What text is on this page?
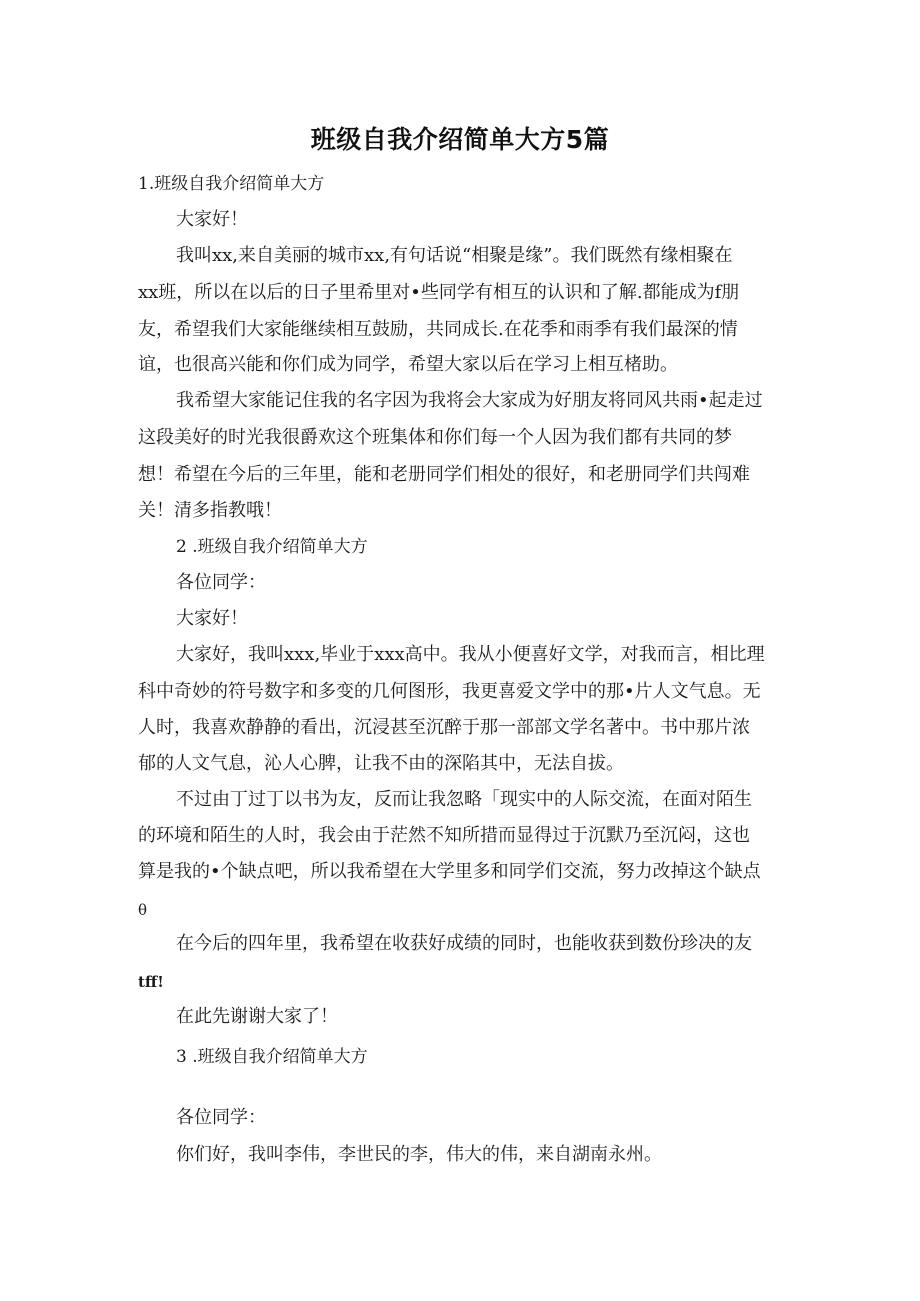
班级自我介绍简单大方5篇
1.班级自我介绍简单大方
大家好！
我叫xx,来自美丽的城市xx,有句话说“相聚是缘”。我们既然有缘相聚在
xx班，所以在以后的日子里希里对•些同学有相互的认识和了解.都能成为f朋
友，希望我们大家能继续相互鼓励，共同成长.在花季和雨季有我们最深的情
谊，也很高兴能和你们成为同学，希望大家以后在学习上相互楮助。
我希望大家能记住我的名字因为我将会大家成为好朋友将同风共雨•起走过
这段美好的时光我很爵欢这个班集体和你们每一个人因为我们都有共同的梦
想！希望在今后的三年里，能和老册同学们相处的很好，和老册同学们共闯难
关！清多指教哦！
2 .班级自我介绍简单大方
各位同学：
大家好！
大家好，我叫xxx,毕业于xxx高中。我从小便喜好文学，对我而言，相比理
科中奇妙的符号数字和多变的几何图形，我更喜爱文学中的那•片人文气息。无
人时，我喜欢静静的看出，沉浸甚至沉醉于那一部部文学名著中。书中那片浓
郁的人文气息，沁人心脾，让我不由的深陷其中，无法自拔。
不过由丁过丁以书为友，反而让我忽略「现实中的人际交流，在面对陌生
的环境和陌生的人时，我会由于茫然不知所措而显得过于沉默乃至沉闷，这也
算是我的•个缺点吧，所以我希望在大学里多和同学们交流，努力改掉这个缺点
θ
在今后的四年里，我希望在收获好成绩的同时，也能收获到数份珍决的友
tff!
在此先谢谢大家了！
3 .班级自我介绍简单大方
各位同学：
你们好，我叫李伟，李世民的李，伟大的伟，来自湖南永州。
